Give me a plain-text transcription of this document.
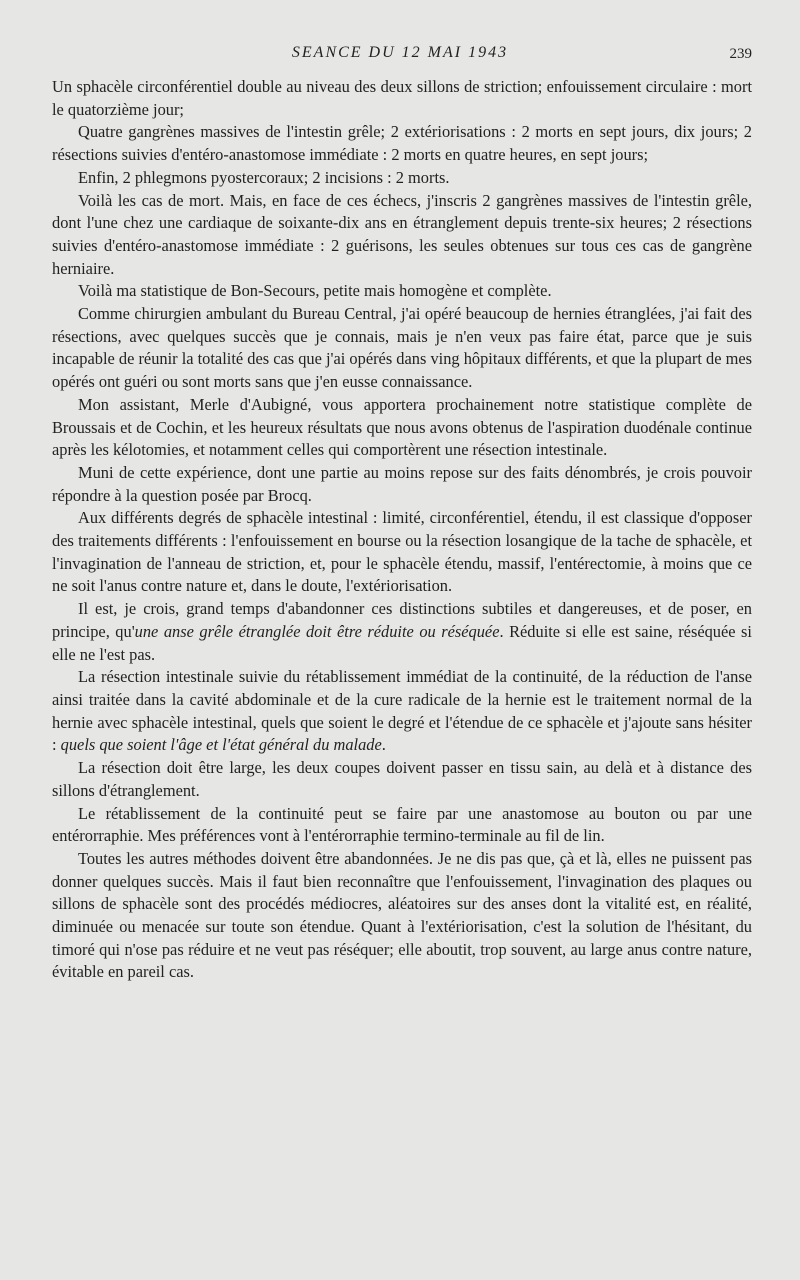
SEANCE DU 12 MAI 1943	239

Un sphacèle circonférentiel double au niveau des deux sillons de striction; enfouissement circulaire : mort le quatorzième jour;

Quatre gangrènes massives de l'intestin grêle; 2 extériorisations : 2 morts en sept jours, dix jours; 2 résections suivies d'entéro-anastomose immédiate : 2 morts en quatre heures, en sept jours;

Enfin, 2 phlegmons pyostercoraux; 2 incisions : 2 morts.

Voilà les cas de mort. Mais, en face de ces échecs, j'inscris 2 gangrènes massives de l'intestin grêle, dont l'une chez une cardiaque de soixante-dix ans en étranglement depuis trente-six heures; 2 résections suivies d'entéro-anastomose immédiate : 2 guérisons, les seules obtenues sur tous ces cas de gangrène herniaire.

Voilà ma statistique de Bon-Secours, petite mais homogène et complète.

Comme chirurgien ambulant du Bureau Central, j'ai opéré beaucoup de hernies étranglées, j'ai fait des résections, avec quelques succès que je connais, mais je n'en veux pas faire état, parce que je suis incapable de réunir la totalité des cas que j'ai opérés dans ving hôpitaux différents, et que la plupart de mes opérés ont guéri ou sont morts sans que j'en eusse connaissance.

Mon assistant, Merle d'Aubigné, vous apportera prochainement notre statistique complète de Broussais et de Cochin, et les heureux résultats que nous avons obtenus de l'aspiration duodénale continue après les kélotomies, et notamment celles qui comportèrent une résection intestinale.

Muni de cette expérience, dont une partie au moins repose sur des faits dénombrés, je crois pouvoir répondre à la question posée par Brocq.

Aux différents degrés de sphacèle intestinal : limité, circonférentiel, étendu, il est classique d'opposer des traitements différents : l'enfouissement en bourse ou la résection losangique de la tache de sphacèle, et l'invagination de l'anneau de striction, et, pour le sphacèle étendu, massif, l'entérectomie, à moins que ce ne soit l'anus contre nature et, dans le doute, l'extériorisation.

Il est, je crois, grand temps d'abandonner ces distinctions subtiles et dangereuses, et de poser, en principe, qu'une anse grêle étranglée doit être réduite ou réséquée. Réduite si elle est saine, réséquée si elle ne l'est pas.

La résection intestinale suivie du rétablissement immédiat de la continuité, de la réduction de l'anse ainsi traitée dans la cavité abdominale et de la cure radicale de la hernie est le traitement normal de la hernie avec sphacèle intestinal, quels que soient le degré et l'étendue de ce sphacèle et j'ajoute sans hésiter : quels que soient l'âge et l'état général du malade.

La résection doit être large, les deux coupes doivent passer en tissu sain, au delà et à distance des sillons d'étranglement.

Le rétablissement de la continuité peut se faire par une anastomose au bouton ou par une entérorraphie. Mes préférences vont à l'entérorraphie termino-terminale au fil de lin.

Toutes les autres méthodes doivent être abandonnées. Je ne dis pas que, çà et là, elles ne puissent pas donner quelques succès. Mais il faut bien reconnaître que l'enfouissement, l'invagination des plaques ou sillons de sphacèle sont des procédés médiocres, aléatoires sur des anses dont la vitalité est, en réalité, diminuée ou menacée sur toute son étendue. Quant à l'extériorisation, c'est la solution de l'hésitant, du timoré qui n'ose pas réduire et ne veut pas réséquer; elle aboutit, trop souvent, au large anus contre nature, évitable en pareil cas.
